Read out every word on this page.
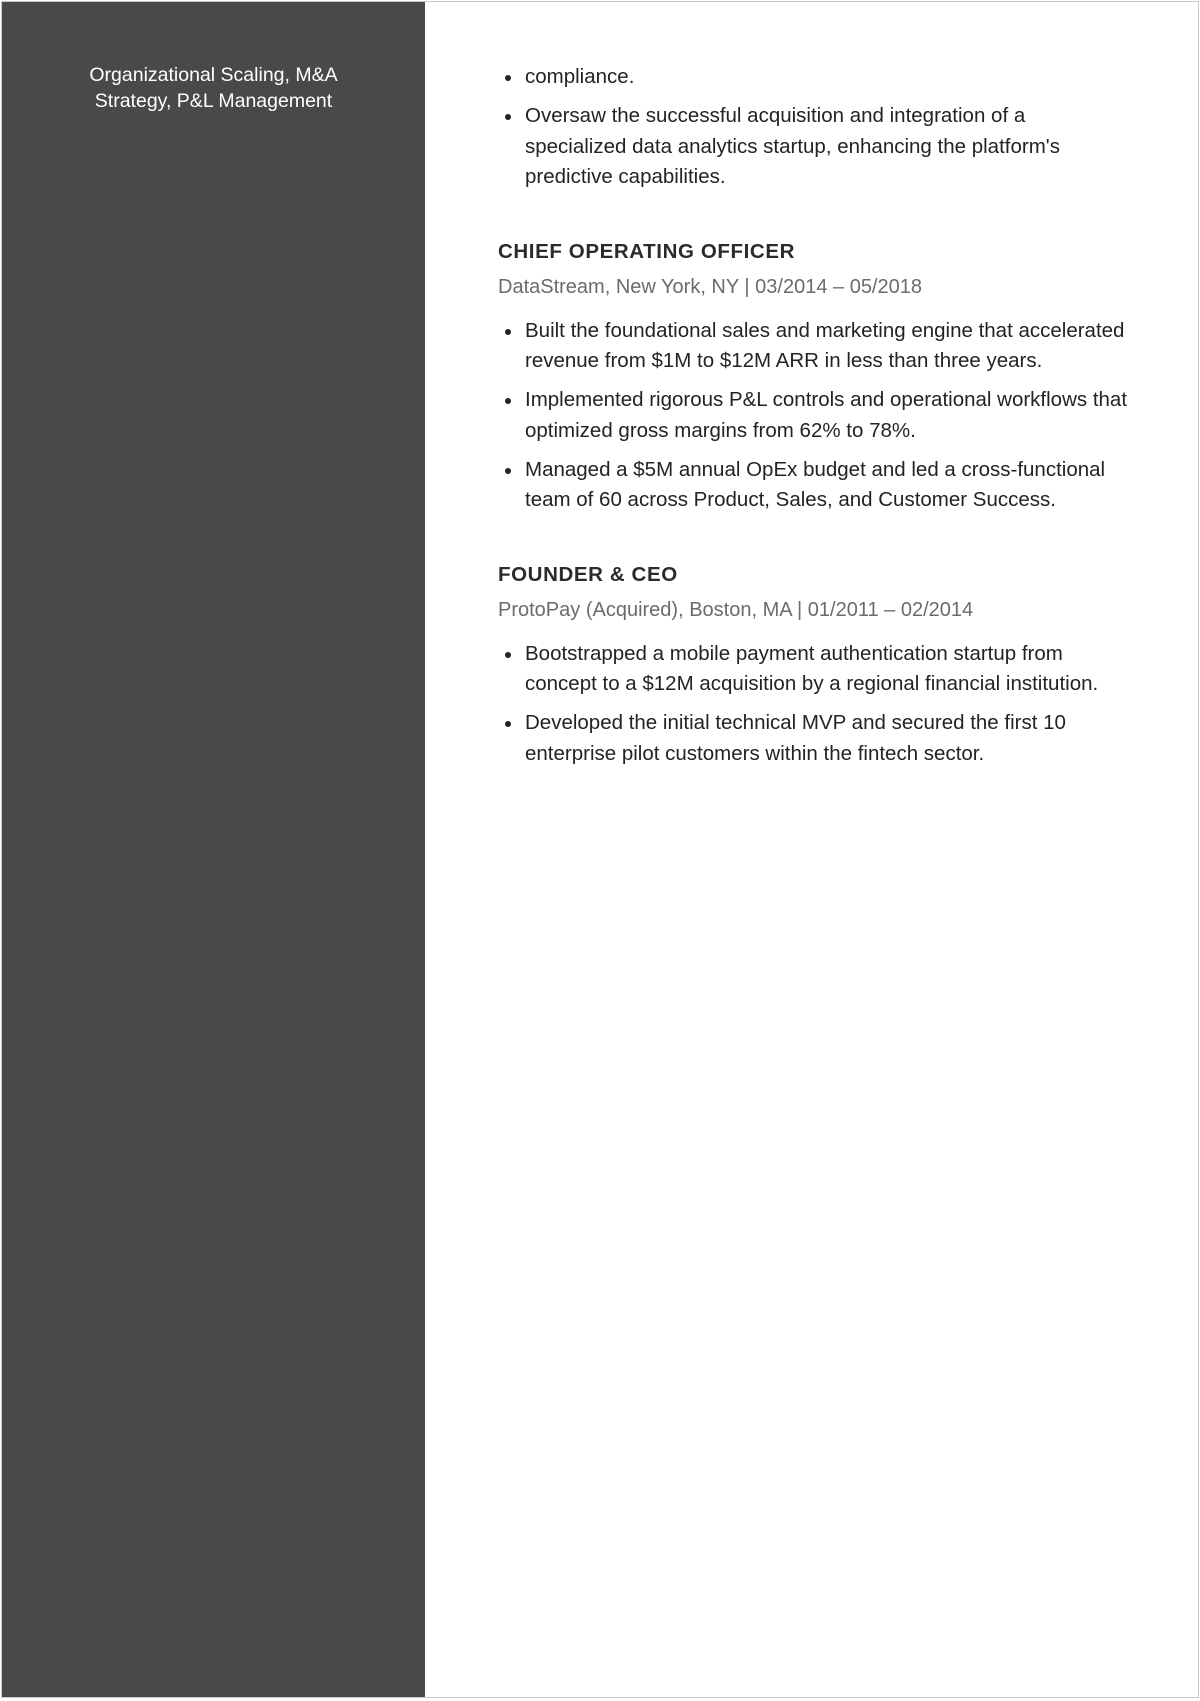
Organizational Scaling, M&A Strategy, P&L Management
compliance.
Oversaw the successful acquisition and integration of a specialized data analytics startup, enhancing the platform's predictive capabilities.
CHIEF OPERATING OFFICER
DataStream, New York, NY | 03/2014 – 05/2018
Built the foundational sales and marketing engine that accelerated revenue from $1M to $12M ARR in less than three years.
Implemented rigorous P&L controls and operational workflows that optimized gross margins from 62% to 78%.
Managed a $5M annual OpEx budget and led a cross-functional team of 60 across Product, Sales, and Customer Success.
FOUNDER & CEO
ProtoPay (Acquired), Boston, MA | 01/2011 – 02/2014
Bootstrapped a mobile payment authentication startup from concept to a $12M acquisition by a regional financial institution.
Developed the initial technical MVP and secured the first 10 enterprise pilot customers within the fintech sector.
